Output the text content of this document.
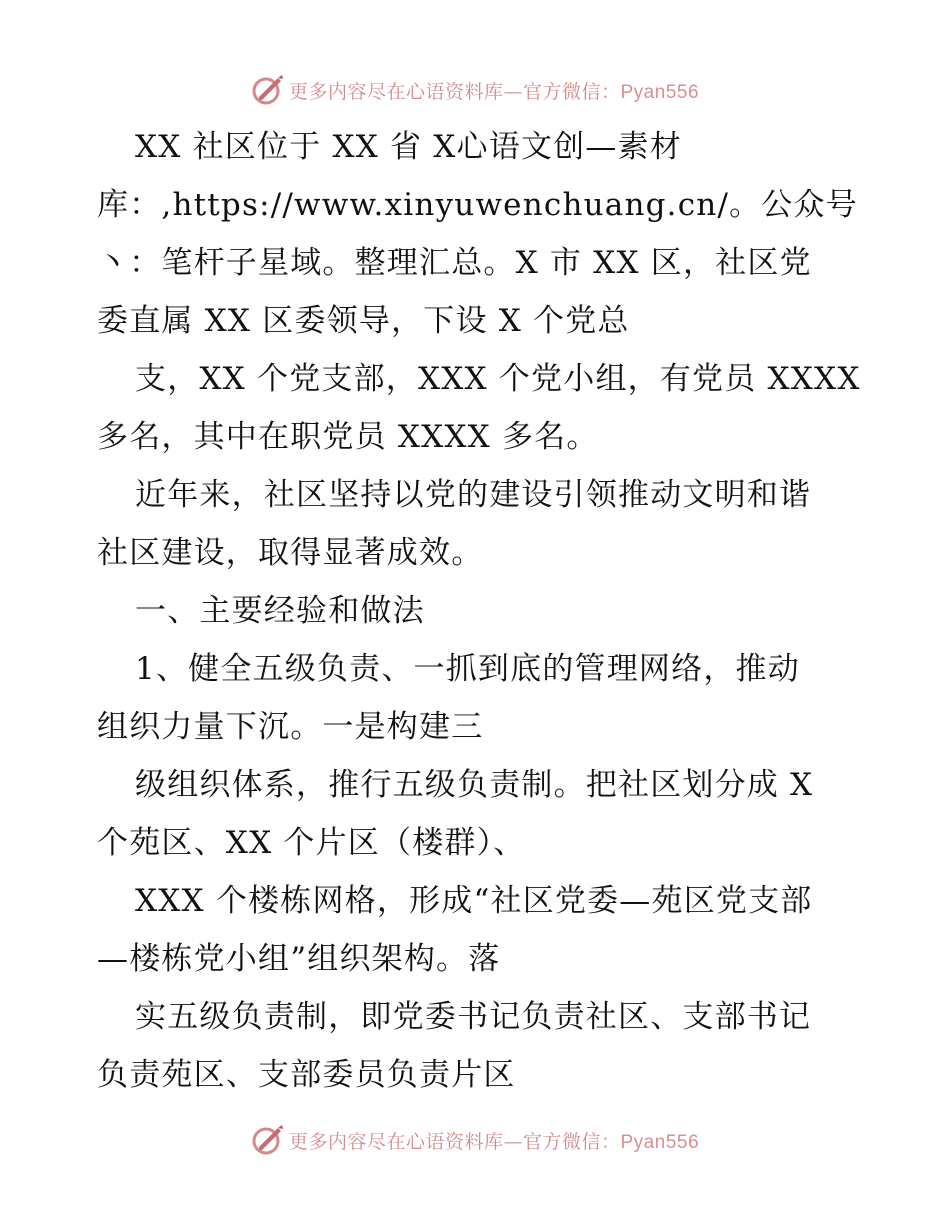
更多内容尽在心语资料库—官方微信：Pyan556
XX 社区位于 XX 省 X心语文创—素材
库：,https://www.xinyuwenchuang.cn/。公众号
丶：笔杆子星域。整理汇总。X 市 XX 区，社区党
委直属 XX 区委领导，下设 X 个党总
支，XX 个党支部，XXX 个党小组，有党员 XXXX
多名，其中在职党员 XXXX 多名。
近年来，社区坚持以党的建设引领推动文明和谐
社区建设，取得显著成效。
一、主要经验和做法
1、健全五级负责、一抓到底的管理网络，推动
组织力量下沉。一是构建三
级组织体系，推行五级负责制。把社区划分成 X
个苑区、XX 个片区（楼群）、
XXX 个楼栋网格，形成“社区党委—苑区党支部
—楼栋党小组”组织架构。落
实五级负责制，即党委书记负责社区、支部书记
负责苑区、支部委员负责片区
更多内容尽在心语资料库—官方微信：Pyan556
